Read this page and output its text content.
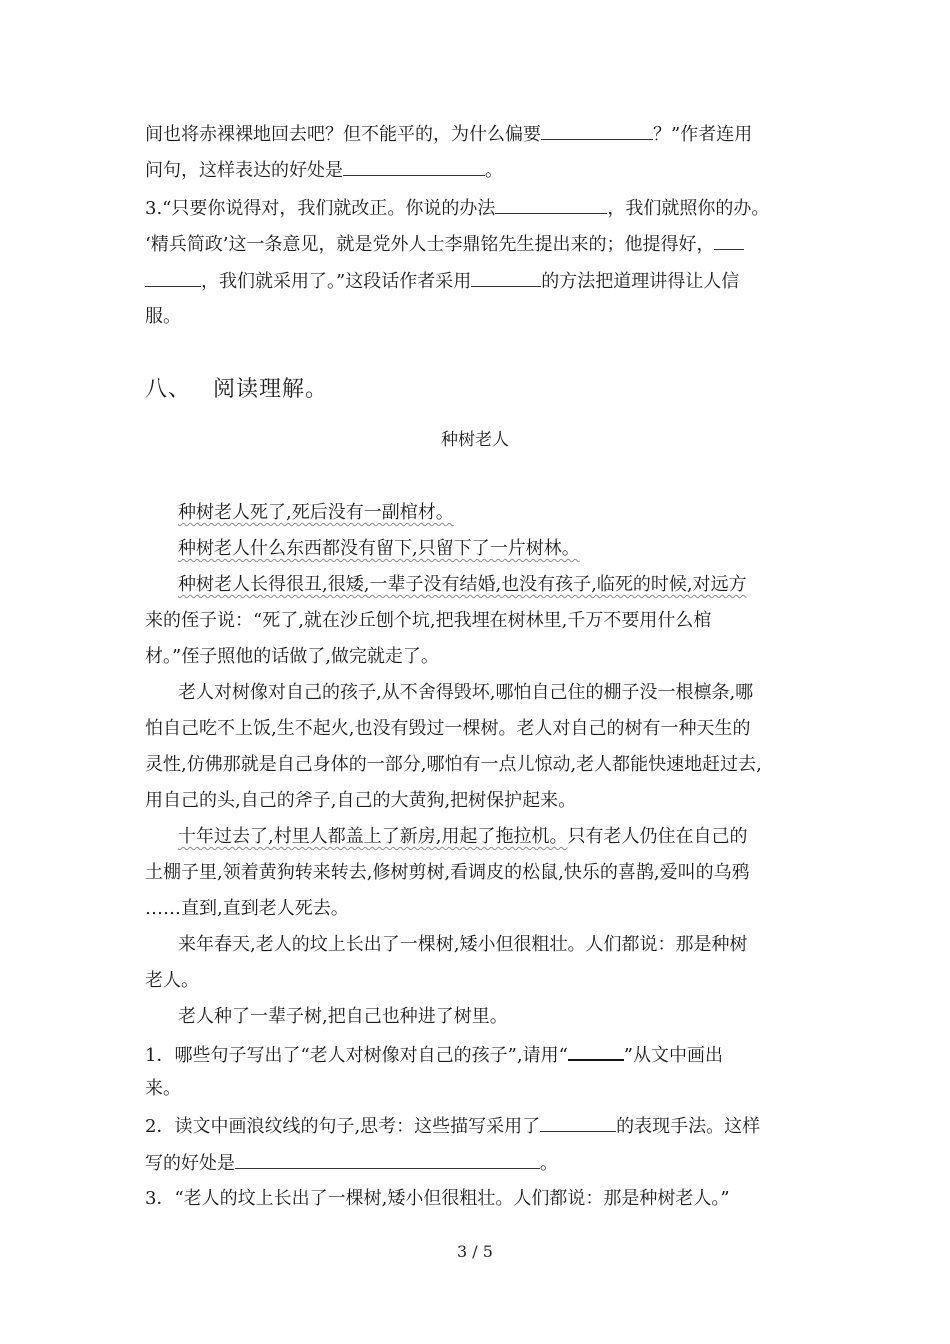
间也将赤裸裸地回去吧？但不能平的，为什么偏要	？”作者连用
问句，这样表达的好处是	。
3.“只要你说得对，我们就改正。你说的办法	，我们就照你的办。
‘精兵简政’这一条意见，就是党外人士李鼎铭先生提出来的；他提得好，
，我们就采用了。”这段话作者采用	的方法把道理讲得让人信
服。
八、 阅读理解。
种树老人
种树老人死了,死后没有一副棺材。
种树老人什么东西都没有留下,只留下了一片树林。
种树老人长得很丑,很矮,一辈子没有结婚,也没有孩子,临死的时候,对远方
来的侄子说：“死了,就在沙丘刨个坑,把我埋在树林里,千万不要用什么棺
材。”侄子照他的话做了,做完就走了。
老人对树像对自己的孩子,从不舍得毁坏,哪怕自己住的棚子没一根檩条,哪
怕自己吃不上饭,生不起火,也没有毁过一棵树。老人对自己的树有一种天生的
灵性,仿佛那就是自己身体的一部分,哪怕有一点儿惊动,老人都能快速地赶过去,
用自己的头,自己的斧子,自己的大黄狗,把树保护起来。
十年过去了,村里人都盖上了新房,用起了拖拉机。只有老人仍住在自己的
土棚子里,领着黄狗转来转去,修树剪树,看调皮的松鼠,快乐的喜鹊,爱叫的乌鸦
……直到,直到老人死去。
来年春天,老人的坟上长出了一棵树,矮小但很粗壮。人们都说：那是种树
老人。
老人种了一辈子树,把自己也种进了树里。
1．哪些句子写出了“老人对树像对自己的孩子”,请用“	”从文中画出
来。
2．读文中画浪纹线的句子,思考：这些描写采用了	的表现手法。这样
写的好处是	。
3．“老人的坟上长出了一棵树,矮小但很粗壮。人们都说：那是种树老人。”
3 / 5
